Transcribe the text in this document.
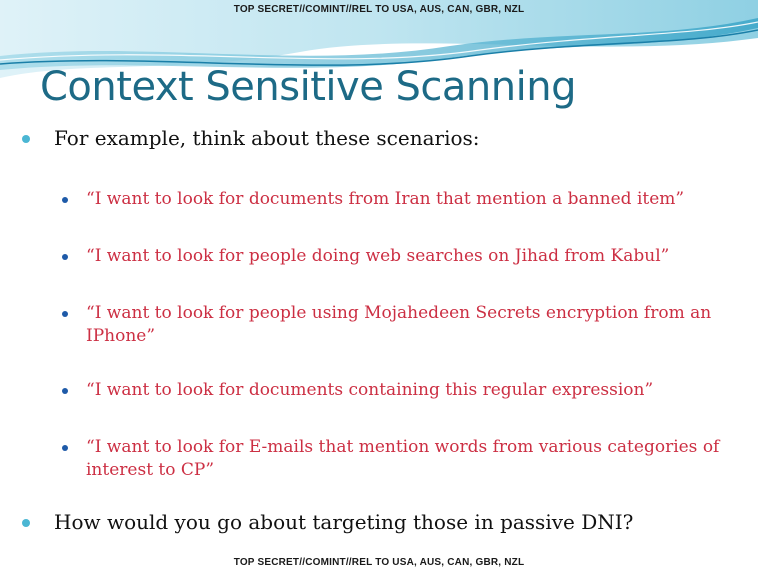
TOP SECRET//COMINT//REL TO USA, AUS, CAN, GBR, NZL
Context Sensitive Scanning
For example, think about these scenarios:
“I want to look for documents from Iran that mention a banned item”
“I want to look for people doing web searches on Jihad from Kabul”
“I want to look for people using Mojahedeen Secrets encryption from an IPhone”
“I want to look for documents containing this regular expression”
“I want to look for E-mails that mention words from various categories of interest to CP”
How would you go about targeting those in passive DNI?
TOP SECRET//COMINT//REL TO USA, AUS, CAN, GBR, NZL
